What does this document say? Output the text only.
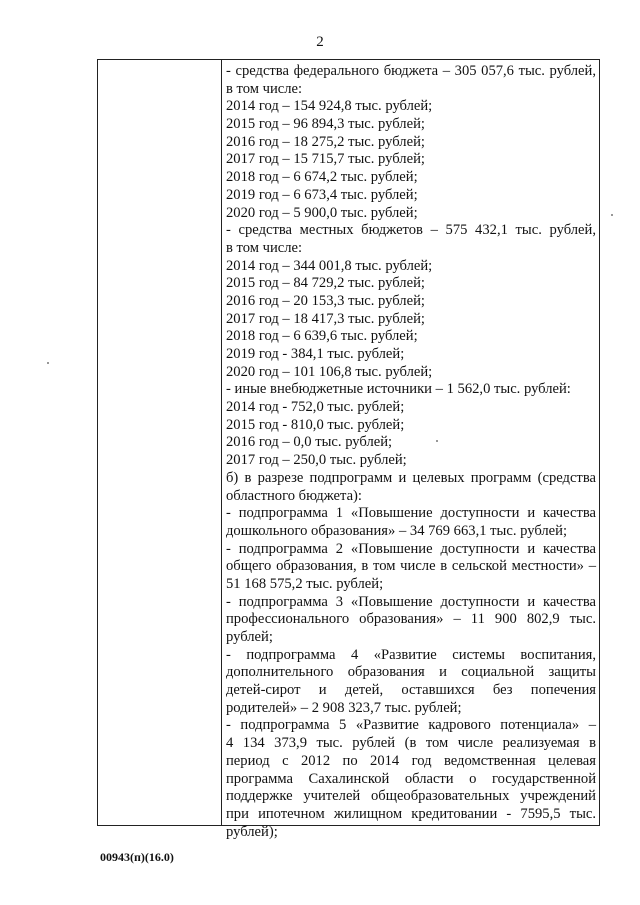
2
- средства федерального бюджета – 305 057,6 тыс. рублей,
в том числе:
2014 год – 154 924,8 тыс. рублей;
2015 год – 96 894,3 тыс. рублей;
2016 год – 18 275,2 тыс. рублей;
2017 год – 15 715,7 тыс. рублей;
2018 год – 6 674,2 тыс. рублей;
2019 год – 6 673,4 тыс. рублей;
2020 год – 5 900,0 тыс. рублей;
- средства местных бюджетов – 575 432,1 тыс. рублей,
в том числе:
2014 год – 344 001,8 тыс. рублей;
2015 год – 84 729,2 тыс. рублей;
2016 год – 20 153,3 тыс. рублей;
2017 год – 18 417,3 тыс. рублей;
2018 год – 6 639,6 тыс. рублей;
2019 год - 384,1 тыс. рублей;
2020 год – 101 106,8 тыс. рублей;
- иные внебюджетные источники – 1 562,0 тыс. рублей:
2014 год - 752,0 тыс. рублей;
2015 год - 810,0 тыс. рублей;
2016 год – 0,0 тыс. рублей;
2017 год – 250,0 тыс. рублей;
б) в разрезе подпрограмм и целевых программ (средства
областного бюджета):
- подпрограмма 1 «Повышение доступности и качества
дошкольного образования» – 34 769 663,1 тыс. рублей;
- подпрограмма 2 «Повышение доступности и качества
общего образования, в том числе в сельской местности» –
51 168 575,2 тыс. рублей;
- подпрограмма 3 «Повышение доступности и качества
профессионального образования» – 11 900 802,9 тыс.
рублей;
- подпрограмма 4 «Развитие системы воспитания,
дополнительного образования и социальной защиты
детей-сирот и детей, оставшихся без попечения
родителей» – 2 908 323,7 тыс. рублей;
- подпрограмма 5 «Развитие кадрового потенциала» –
4 134 373,9 тыс. рублей (в том числе реализуемая в
период с 2012 по 2014 год ведомственная целевая
программа Сахалинской области о государственной
поддержке учителей общеобразовательных учреждений
при ипотечном жилищном кредитовании - 7595,5 тыс.
рублей);
00943(п)(16.0)
